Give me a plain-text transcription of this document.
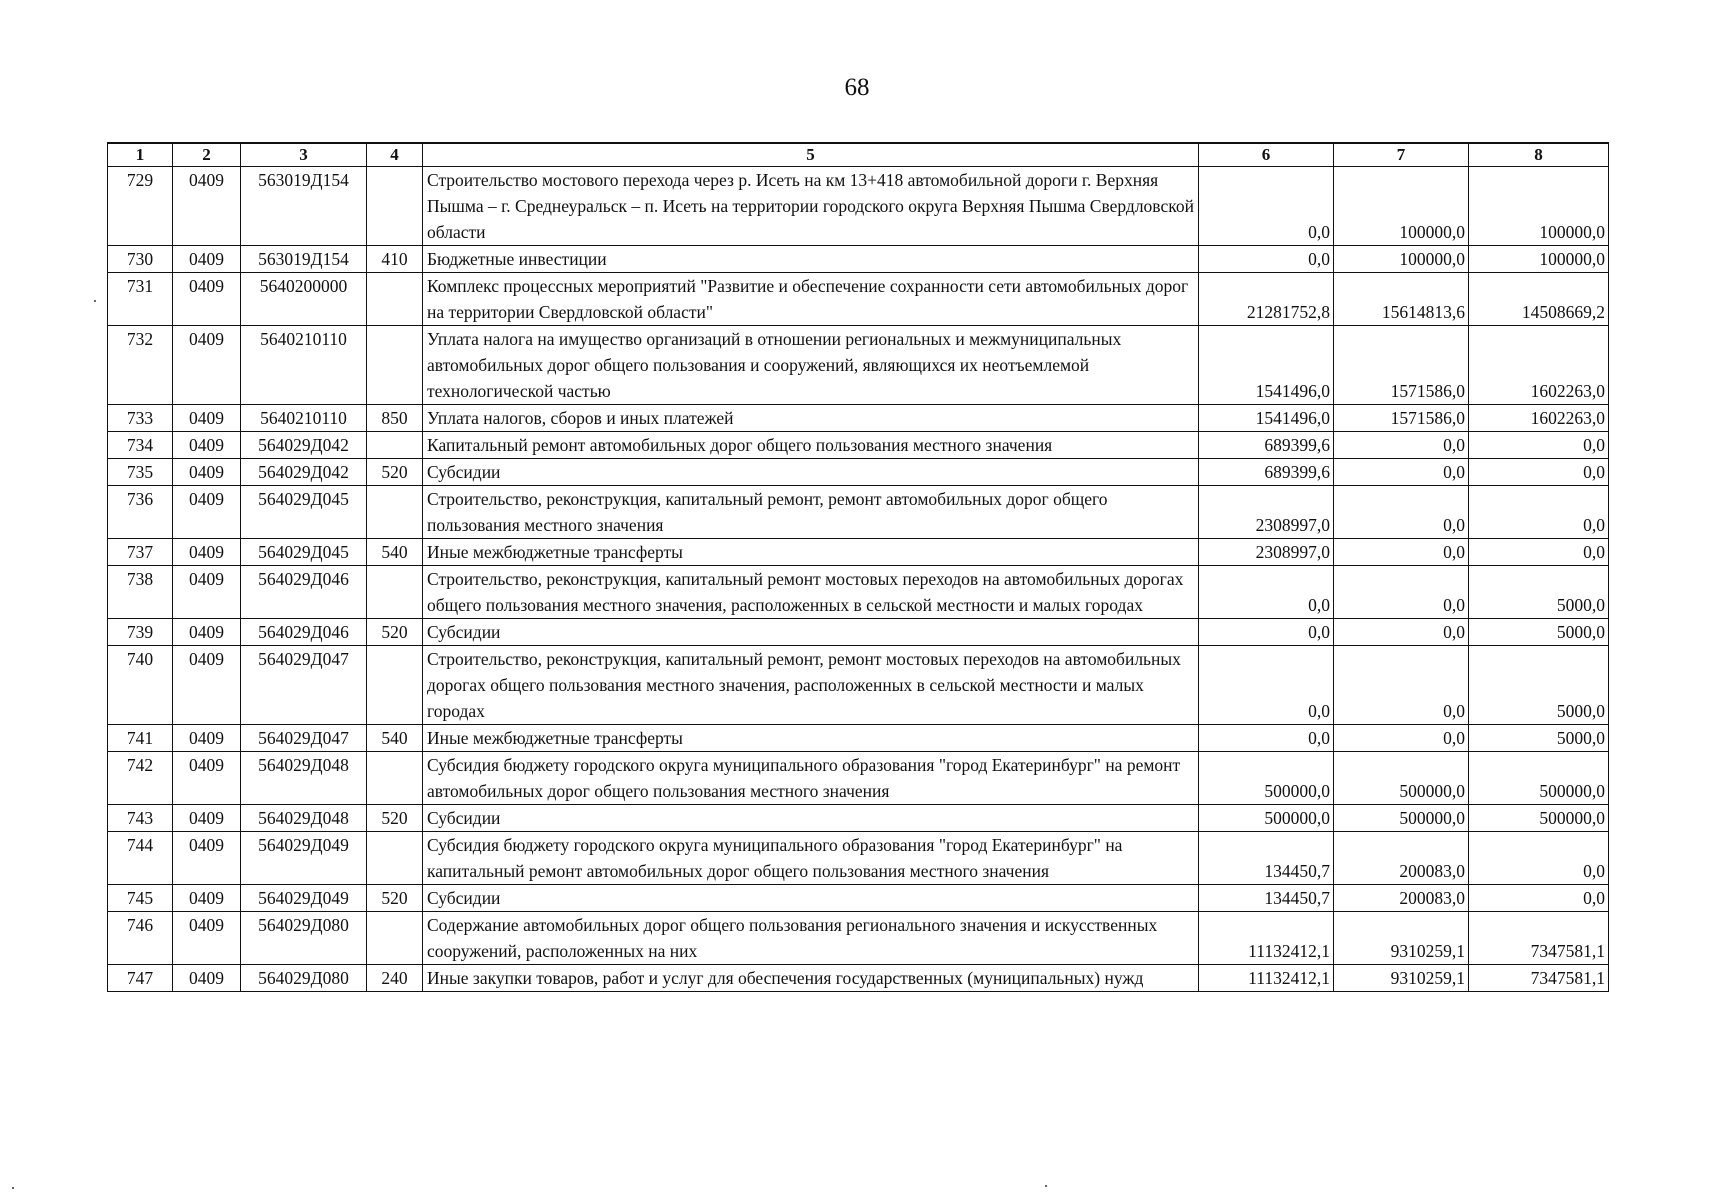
68
1	2	3	4	5	6	7	8
729	0409	563019Д154		Строительство мостового перехода через р. Исеть на км 13+418 автомобильной дороги г. Верхняя Пышма – г. Среднеуральск – п. Исеть на территории городского округа Верхняя Пышма Свердловской области	0,0	100000,0	100000,0
730	0409	563019Д154	410	Бюджетные инвестиции	0,0	100000,0	100000,0
731	0409	5640200000		Комплекс процессных мероприятий "Развитие и обеспечение сохранности сети автомобильных дорог на территории Свердловской области"	21281752,8	15614813,6	14508669,2
732	0409	5640210110		Уплата налога на имущество организаций в отношении региональных и межмуниципальных автомобильных дорог общего пользования и сооружений, являющихся их неотъемлемой технологической частью	1541496,0	1571586,0	1602263,0
733	0409	5640210110	850	Уплата налогов, сборов и иных платежей	1541496,0	1571586,0	1602263,0
734	0409	564029Д042		Капитальный ремонт автомобильных дорог общего пользования местного значения	689399,6	0,0	0,0
735	0409	564029Д042	520	Субсидии	689399,6	0,0	0,0
736	0409	564029Д045		Строительство, реконструкция, капитальный ремонт, ремонт автомобильных дорог общего пользования местного значения	2308997,0	0,0	0,0
737	0409	564029Д045	540	Иные межбюджетные трансферты	2308997,0	0,0	0,0
738	0409	564029Д046		Строительство, реконструкция, капитальный ремонт мостовых переходов на автомобильных дорогах общего пользования местного значения, расположенных в сельской местности и малых городах	0,0	0,0	5000,0
739	0409	564029Д046	520	Субсидии	0,0	0,0	5000,0
740	0409	564029Д047		Строительство, реконструкция, капитальный ремонт, ремонт мостовых переходов на автомобильных дорогах общего пользования местного значения, расположенных в сельской местности и малых городах	0,0	0,0	5000,0
741	0409	564029Д047	540	Иные межбюджетные трансферты	0,0	0,0	5000,0
742	0409	564029Д048		Субсидия бюджету городского округа муниципального образования "город Екатеринбург" на ремонт автомобильных дорог общего пользования местного значения	500000,0	500000,0	500000,0
743	0409	564029Д048	520	Субсидии	500000,0	500000,0	500000,0
744	0409	564029Д049		Субсидия бюджету городского округа муниципального образования "город Екатеринбург" на капитальный ремонт автомобильных дорог общего пользования местного значения	134450,7	200083,0	0,0
745	0409	564029Д049	520	Субсидии	134450,7	200083,0	0,0
746	0409	564029Д080		Содержание автомобильных дорог общего пользования регионального значения и искусственных сооружений, расположенных на них	11132412,1	9310259,1	7347581,1
747	0409	564029Д080	240	Иные закупки товаров, работ и услуг для обеспечения государственных (муниципальных) нужд	11132412,1	9310259,1	7347581,1
